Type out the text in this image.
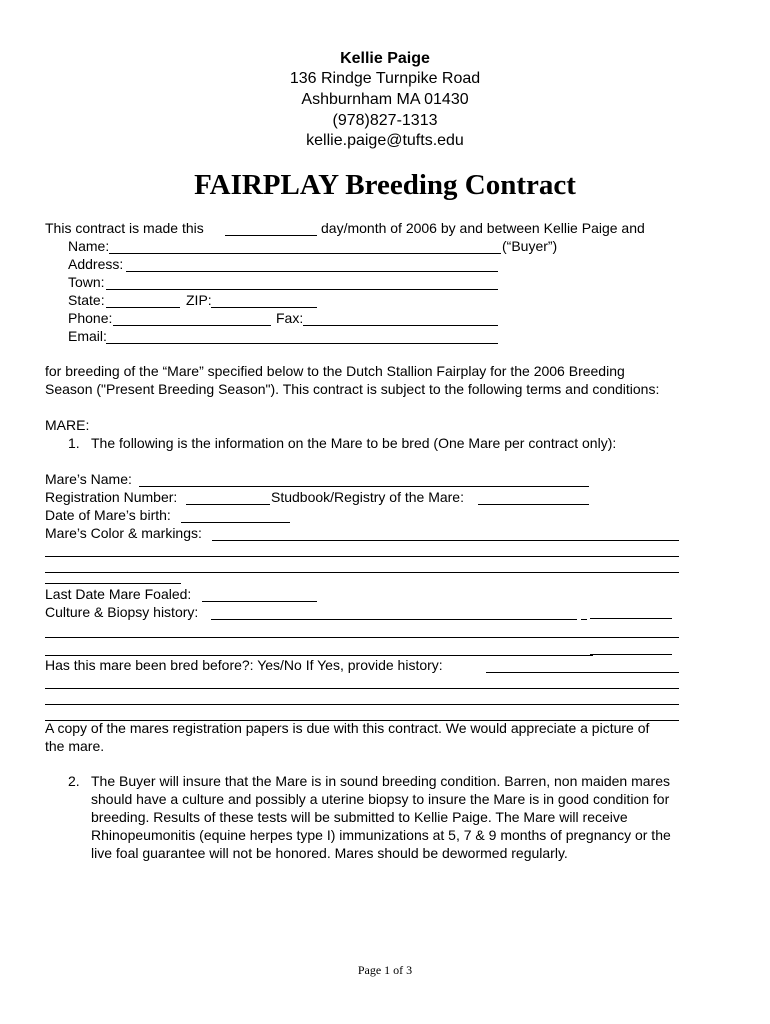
Kellie Paige
136 Rindge Turnpike Road
Ashburnham MA 01430
(978)827-1313
kellie.paige@tufts.edu
FAIRPLAY Breeding Contract
This contract is made this	day/month of 2006 by and between Kellie Paige and
Name:	(“Buyer”)
Address:
Town:
State:	ZIP:
Phone:	Fax:
Email:
for breeding of the “Mare” specified below to the Dutch Stallion Fairplay for the 2006 Breeding
Season ("Present Breeding Season"). This contract is subject to the following terms and conditions:
MARE:
1. The following is the information on the Mare to be bred (One Mare per contract only):
Mare’s Name:
Registration Number:	Studbook/Registry of the Mare:
Date of Mare’s birth:
Mare’s Color & markings:
Last Date Mare Foaled:
Culture & Biopsy history:
Has this mare been bred before?: Yes/No If Yes, provide history:
A copy of the mares registration papers is due with this contract. We would appreciate a picture of
the mare.
2. The Buyer will insure that the Mare is in sound breeding condition. Barren, non maiden mares
should have a culture and possibly a uterine biopsy to insure the Mare is in good condition for
breeding. Results of these tests will be submitted to Kellie Paige. The Mare will receive
Rhinopeumonitis (equine herpes type I) immunizations at 5, 7 & 9 months of pregnancy or the
live foal guarantee will not be honored. Mares should be dewormed regularly.
Page 1 of 3
